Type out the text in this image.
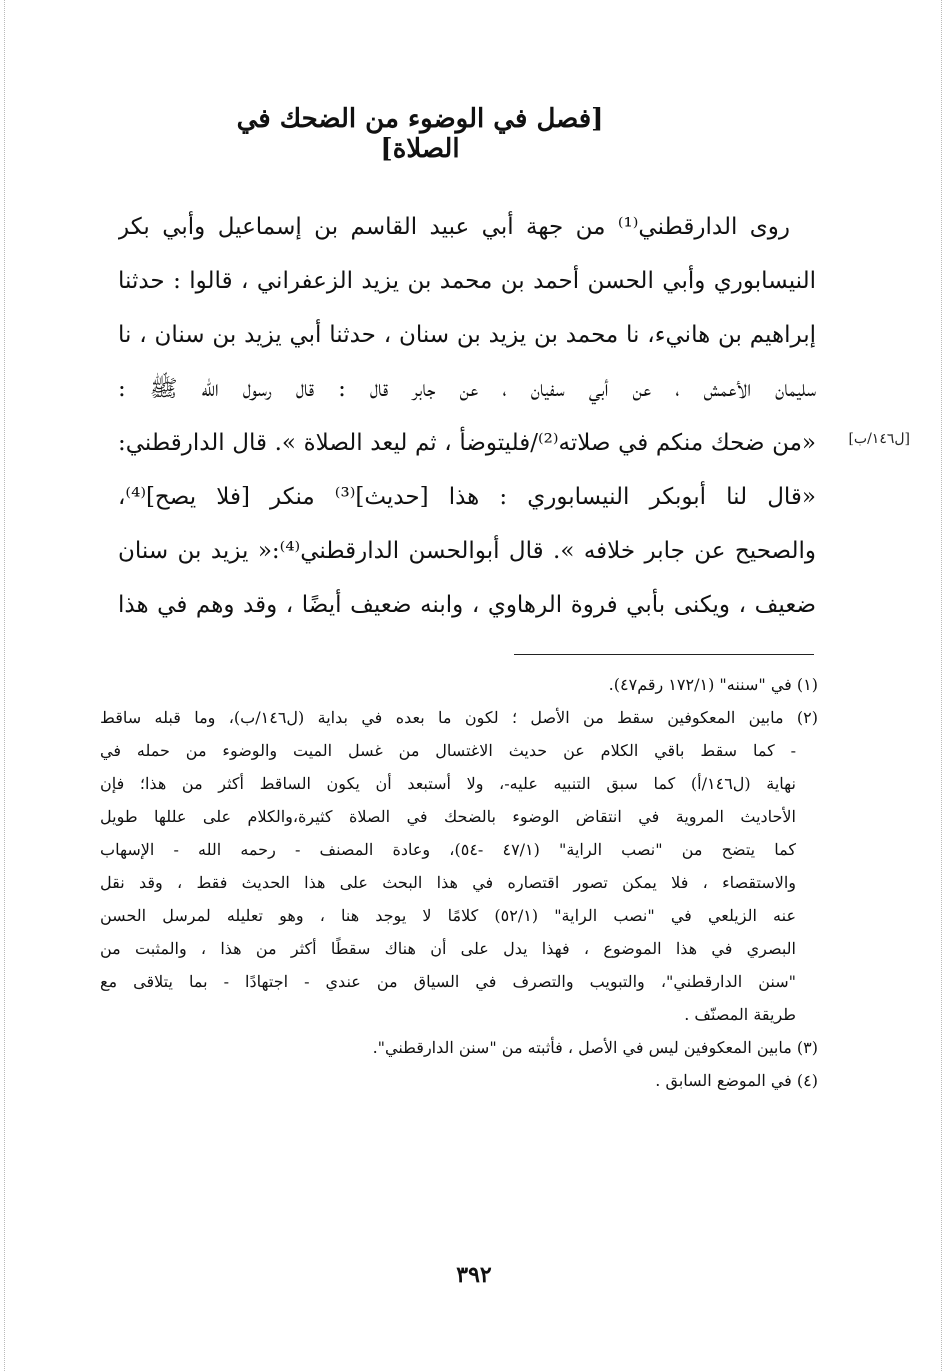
[فصل في الوضوء من الضحك في الصلاة]
[ل١٤٦/ب]
روى الدارقطني⁽¹⁾ من جهة أبي عبيد القاسم بن إسماعيل وأبي بكر
النيسابوري وأبي الحسن أحمد بن محمد بن يزيد الزعفراني ، قالوا : حدثنا
إبراهيم بن هانيء، نا محمد بن يزيد بن سنان ، حدثنا أبي يزيد بن سنان ، نا
سليمان الأعمش ، عن أبي سفيان ، عن جابر قال : قال رسول الله ﷺ :
«من ضحك منكم في صلاته⁽²⁾/فليتوضأ ، ثم ليعد الصلاة ». قال الدارقطني:
«قال لنا أبوبكر النيسابوري : هذا [حديث]⁽³⁾ منكر [فلا يصح]⁽⁴⁾،
والصحيح عن جابر خلافه ». قال أبوالحسن الدارقطني⁽⁴⁾:« يزيد بن سنان
ضعيف ، ويكنى بأبي فروة الرهاوي ، وابنه ضعيف أيضًا ، وقد وهم في هذا
(١) في "سننه" (١٧٢/١ رقم٤٧).
(٢) مابين المعكوفين سقط من الأصل ؛ لكون ما بعده في بداية (ل١٤٦/ب)، وما قبله ساقط
- كما سقط باقي الكلام عن حديث الاغتسال من غسل الميت والوضوء من حمله في
نهاية (ل١٤٦/أ) كما سبق التنبيه عليه-، ولا أستبعد أن يكون الساقط أكثر من هذا؛ فإن
الأحاديث المروية في انتقاض الوضوء بالضحك في الصلاة كثيرة،والكلام على عللها طويل
كما يتضح من "نصب الراية" (٤٧/١ -٥٤)، وعادة المصنف - رحمه الله - الإسهاب
والاستقصاء ، فلا يمكن تصور اقتصاره في هذا البحث على هذا الحديث فقط ، وقد نقل
عنه الزيلعي في "نصب الراية" (٥٢/١) كلامًا لا يوجد هنا ، وهو تعليله لمرسل الحسن
البصري في هذا الموضوع ، فهذا يدل على أن هناك سقطًا أكثر من هذا ، والمثبت من
"سنن الدارقطني"، والتبويب والتصرف في السياق من عندي - اجتهادًا - بما يتلاقى مع
طريقة المصنّف .
(٣) مابين المعكوفين ليس في الأصل ، فأثبته من "سنن الدارقطني".
(٤) في الموضع السابق .
٣٩٢
